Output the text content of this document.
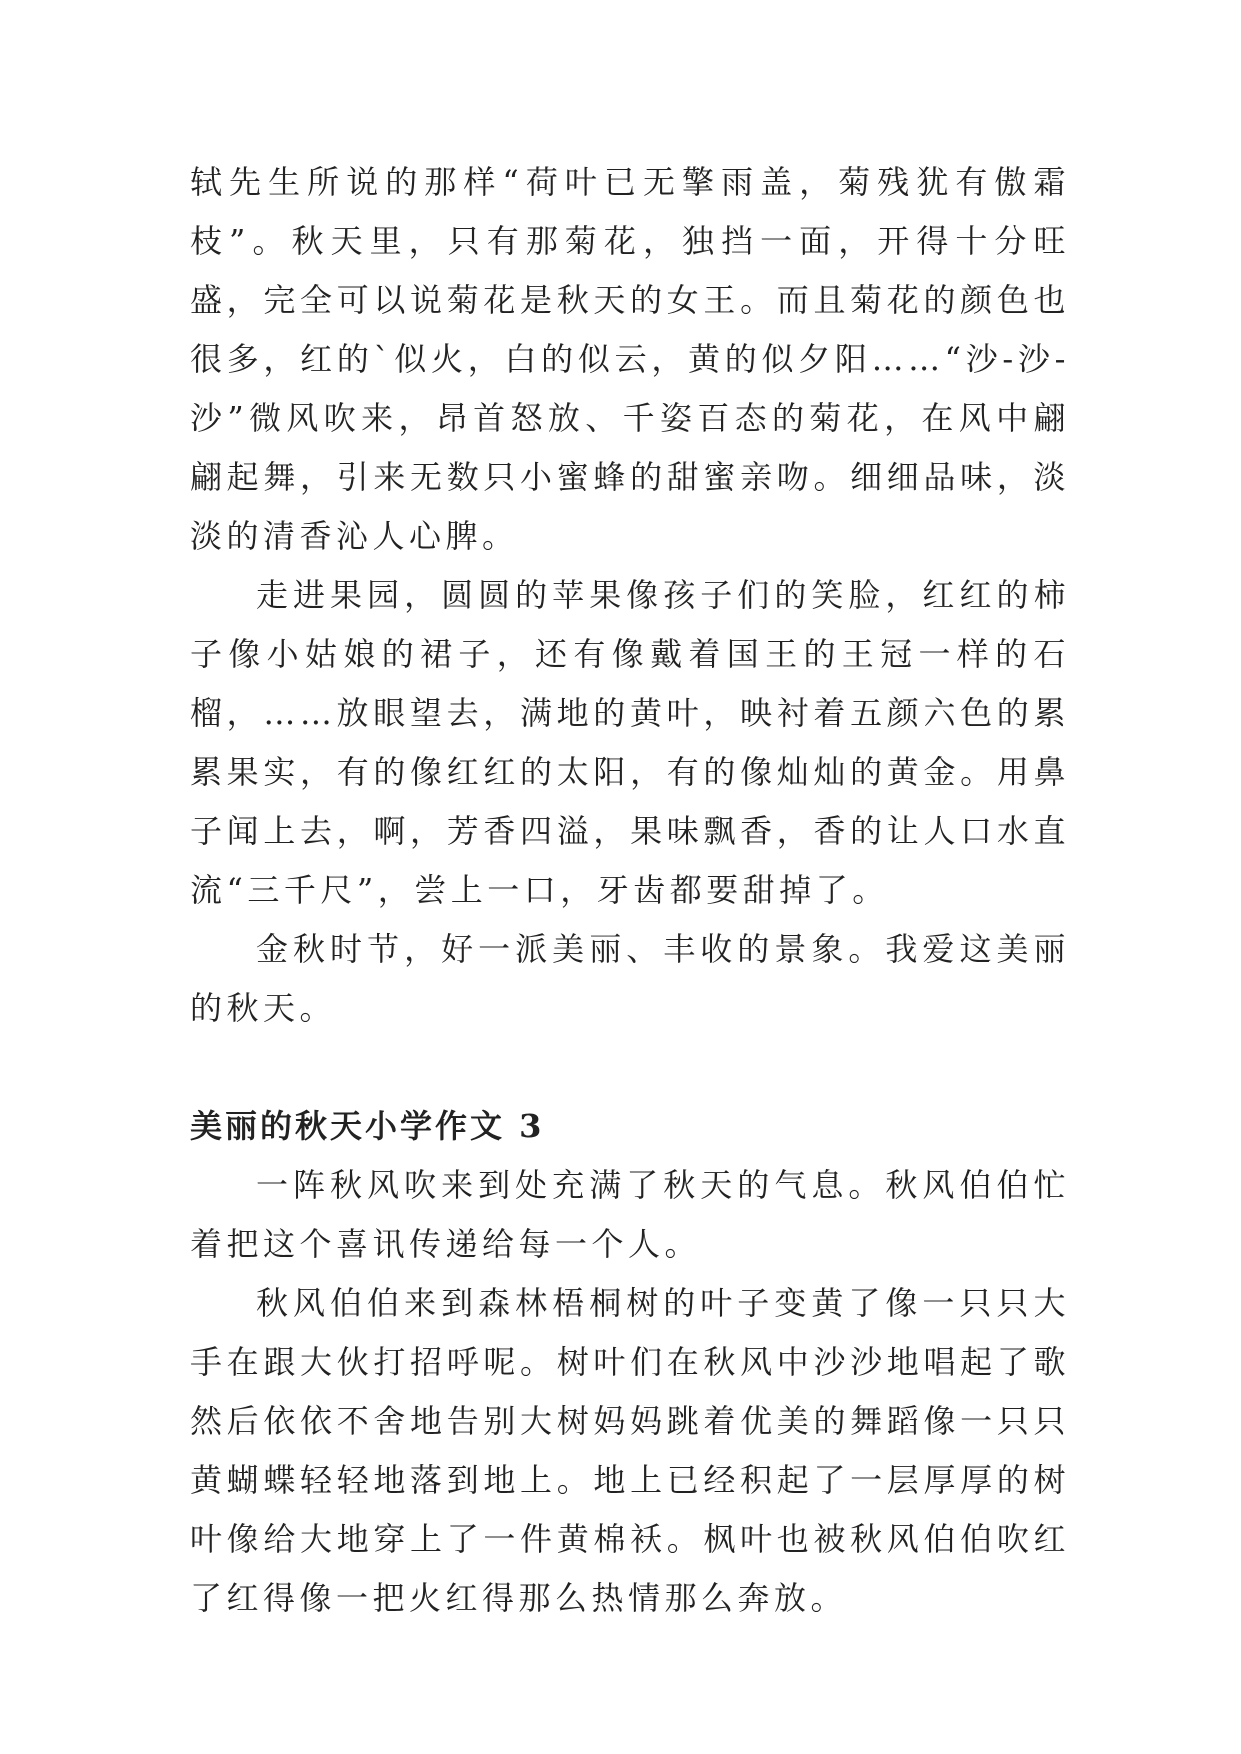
轼先生所说的那样“荷叶已无擎雨盖，菊残犹有傲霜枝”。秋天里，只有那菊花，独挡一面，开得十分旺盛，完全可以说菊花是秋天的女王。而且菊花的颜色也很多，红的`似火，白的似云，黄的似夕阳……“沙-沙-沙”微风吹来，昂首怒放、千姿百态的菊花，在风中翩翩起舞，引来无数只小蜜蜂的甜蜜亲吻。细细品味，淡淡的清香沁人心脾。

走进果园，圆圆的苹果像孩子们的笑脸，红红的柿子像小姑娘的裙子，还有像戴着国王的王冠一样的石榴，……放眼望去，满地的黄叶，映衬着五颜六色的累累果实，有的像红红的太阳，有的像灿灿的黄金。用鼻子闻上去，啊，芳香四溢，果味飘香，香的让人口水直流“三千尺”，尝上一口，牙齿都要甜掉了。

金秋时节，好一派美丽、丰收的景象。我爱这美丽的秋天。

美丽的秋天小学作文 3

一阵秋风吹来到处充满了秋天的气息。秋风伯伯忙着把这个喜讯传递给每一个人。

秋风伯伯来到森林梧桐树的叶子变黄了像一只只大手在跟大伙打招呼呢。树叶们在秋风中沙沙地唱起了歌然后依依不舍地告别大树妈妈跳着优美的舞蹈像一只只黄蝴蝶轻轻地落到地上。地上已经积起了一层厚厚的树叶像给大地穿上了一件黄棉袄。枫叶也被秋风伯伯吹红了红得像一把火红得那么热情那么奔放。
